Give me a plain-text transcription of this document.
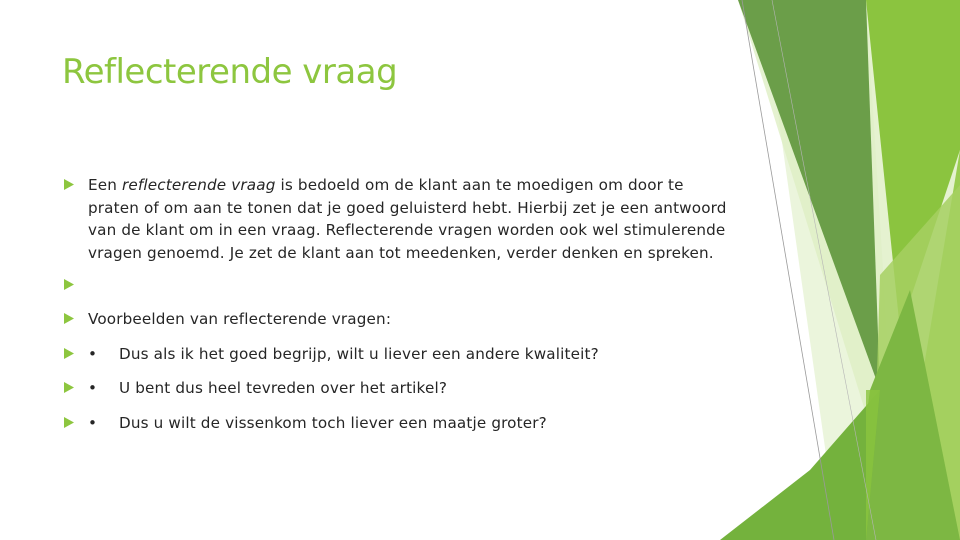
Reflecterende vraag
Een reflecterende vraag is bedoeld om de klant aan te moedigen om door te praten of om aan te tonen dat je goed geluisterd hebt. Hierbij zet je een antwoord van de klant om in een vraag. Reflecterende vragen worden ook wel stimulerende vragen genoemd. Je zet de klant aan tot meedenken, verder denken en spreken.
Voorbeelden van reflecterende vragen:
• Dus als ik het goed begrijp, wilt u liever een andere kwaliteit?
• U bent dus heel tevreden over het artikel?
• Dus u wilt de vissenkom toch liever een maatje groter?
